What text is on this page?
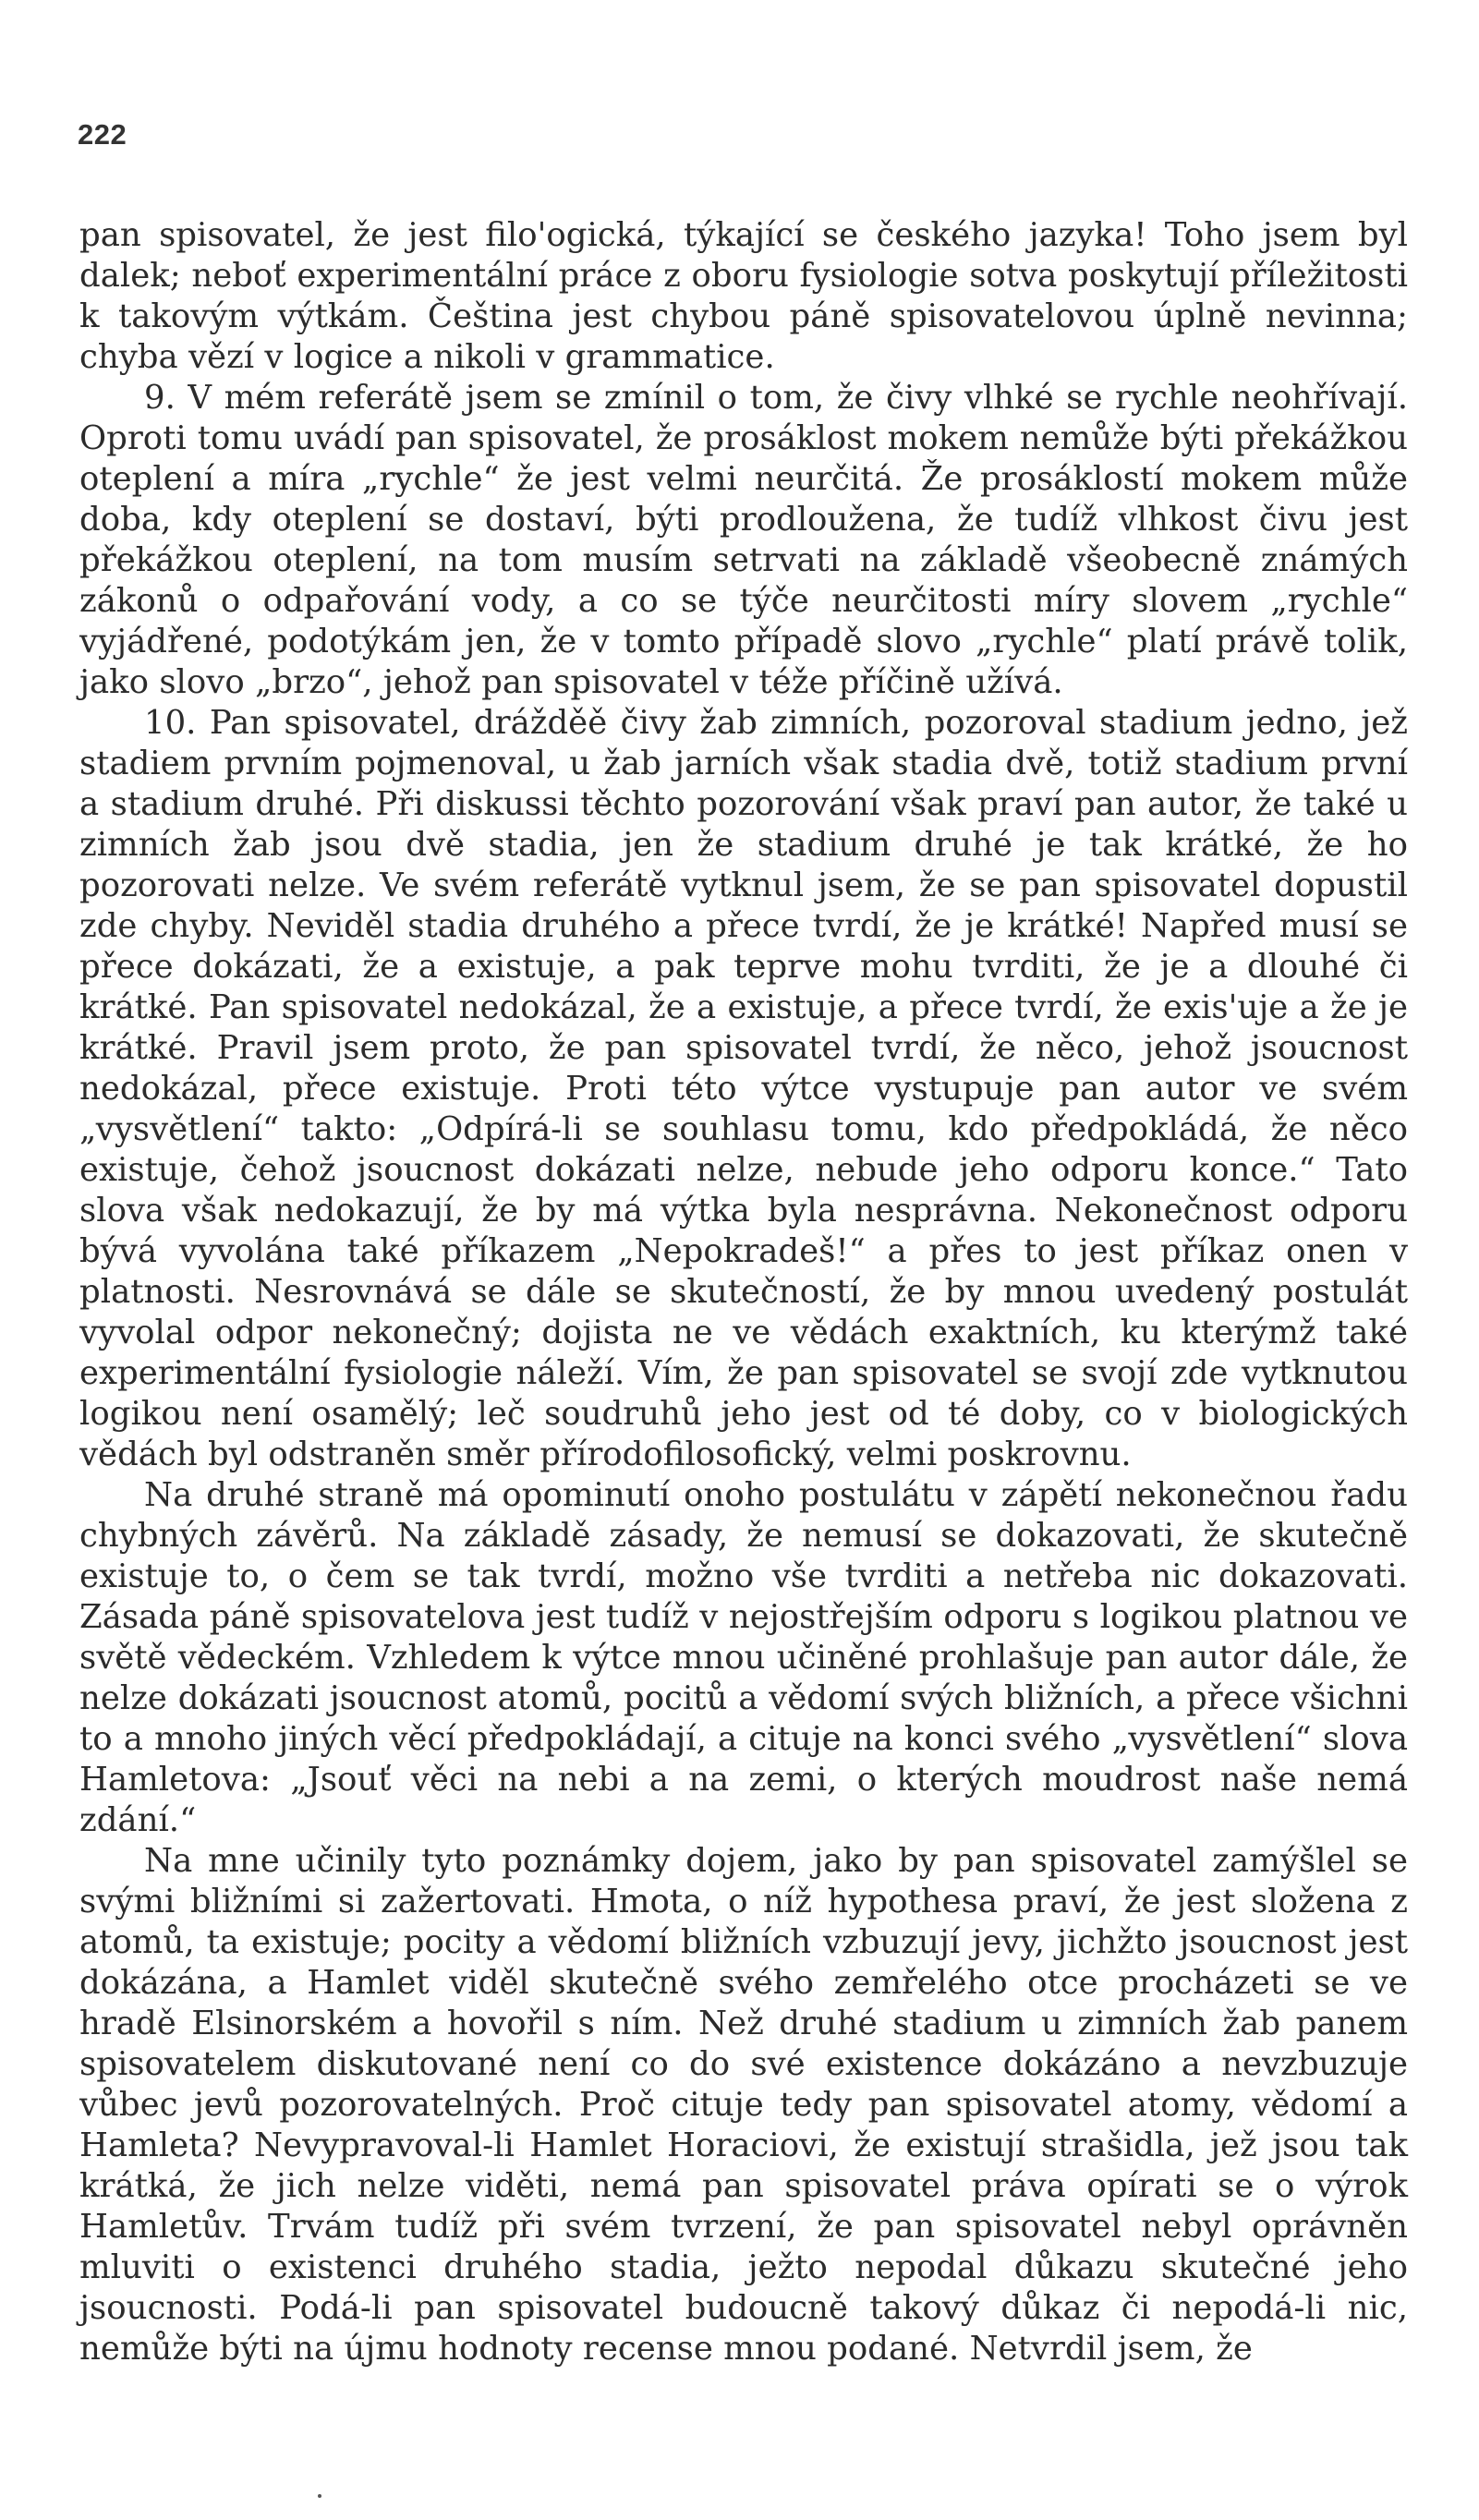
222

pan spisovatel, že jest filo'ogická, týkající se českého jazyka! Toho jsem byl dalek; neboť experimentální práce z oboru fysiologie sotva poskytují příležitosti k takovým výtkám. Čeština jest chybou páně spisovatelovou úplně nevinna; chyba vězí v logice a nikoli v grammatice.

9. V mém referátě jsem se zmínil o tom, že čivy vlhké se rychle neohřívají. Oproti tomu uvádí pan spisovatel, že prosáklost mokem nemůže býti překážkou oteplení a míra „rychle“ že jest velmi neurčitá. Že prosáklostí mokem může doba, kdy oteplení se dostaví, býti prodloužena, že tudíž vlhkost čivu jest překážkou oteplení, na tom musím setrvati na základě všeobecně známých zákonů o odpařování vody, a co se týče neurčitosti míry slovem „rychle“ vyjádřené, podotýkám jen, že v tomto případě slovo „rychle“ platí právě tolik, jako slovo „brzo“, jehož pan spisovatel v téže příčině užívá.

10. Pan spisovatel, drážděě čivy žab zimních, pozoroval stadium jedno, jež stadiem prvním pojmenoval, u žab jarních však stadia dvě, totiž stadium první a stadium druhé. Při diskussi těchto pozorování však praví pan autor, že také u zimních žab jsou dvě stadia, jen že stadium druhé je tak krátké, že ho pozorovati nelze. Ve svém referátě vytknul jsem, že se pan spisovatel dopustil zde chyby. Neviděl stadia druhého a přece tvrdí, že je krátké! Napřed musí se přece dokázati, že a existuje, a pak teprve mohu tvrditi, že je a dlouhé či krátké. Pan spisovatel nedokázal, že a existuje, a přece tvrdí, že exis'uje a že je krátké. Pravil jsem proto, že pan spisovatel tvrdí, že něco, jehož jsoucnost nedokázal, přece existuje. Proti této výtce vystupuje pan autor ve svém „vysvětlení“ takto: „Odpírá-li se souhlasu tomu, kdo předpokládá, že něco existuje, čehož jsoucnost dokázati nelze, nebude jeho odporu konce.“ Tato slova však nedokazují, že by má výtka byla nesprávna. Nekonečnost odporu bývá vyvolána také příkazem „Nepokradeš!“ a přes to jest příkaz onen v platnosti. Nesrovnává se dále se skutečností, že by mnou uvedený postulát vyvolal odpor nekonečný; dojista ne ve vědách exaktních, ku kterýmž také experimentální fysiologie náleží. Vím, že pan spisovatel se svojí zde vytknutou logikou není osamělý; leč soudruhů jeho jest od té doby, co v biologických vědách byl odstraněn směr přírodofilosofický, velmi poskrovnu.

Na druhé straně má opominutí onoho postulátu v zápětí nekonečnou řadu chybných závěrů. Na základě zásady, že nemusí se dokazovati, že skutečně existuje to, o čem se tak tvrdí, možno vše tvrditi a netřeba nic dokazovati. Zásada páně spisovatelova jest tudíž v nejostřejším odporu s logikou platnou ve světě vědeckém. Vzhledem k výtce mnou učiněné prohlašuje pan autor dále, že nelze dokázati jsoucnost atomů, pocitů a vědomí svých bližních, a přece všichni to a mnoho jiných věcí předpokládají, a cituje na konci svého „vysvětlení“ slova Hamletova: „Jsouť věci na nebi a na zemi, o kterých moudrost naše nemá zdání.“

Na mne učinily tyto poznámky dojem, jako by pan spisovatel zamýšlel se svými bližními si zažertovati. Hmota, o níž hypothesa praví, že jest složena z atomů, ta existuje; pocity a vědomí bližních vzbuzují jevy, jichžto jsoucnost jest dokázána, a Hamlet viděl skutečně svého zemřelého otce procházeti se ve hradě Elsinorském a hovořil s ním. Než druhé stadium u zimních žab panem spisovatelem diskutované není co do své existence dokázáno a nevzbuzuje vůbec jevů pozorovatelných. Proč cituje tedy pan spisovatel atomy, vědomí a Hamleta? Nevypravoval-li Hamlet Horaciovi, že existují strašidla, jež jsou tak krátká, že jich nelze viděti, nemá pan spisovatel práva opírati se o výrok Hamletův. Trvám tudíž při svém tvrzení, že pan spisovatel nebyl oprávněn mluviti o existenci druhého stadia, ježto nepodal důkazu skutečné jeho jsoucnosti. Podá-li pan spisovatel budoucně takový důkaz či nepodá-li nic, nemůže býti na újmu hodnoty recense mnou podané. Netvrdil jsem, že
